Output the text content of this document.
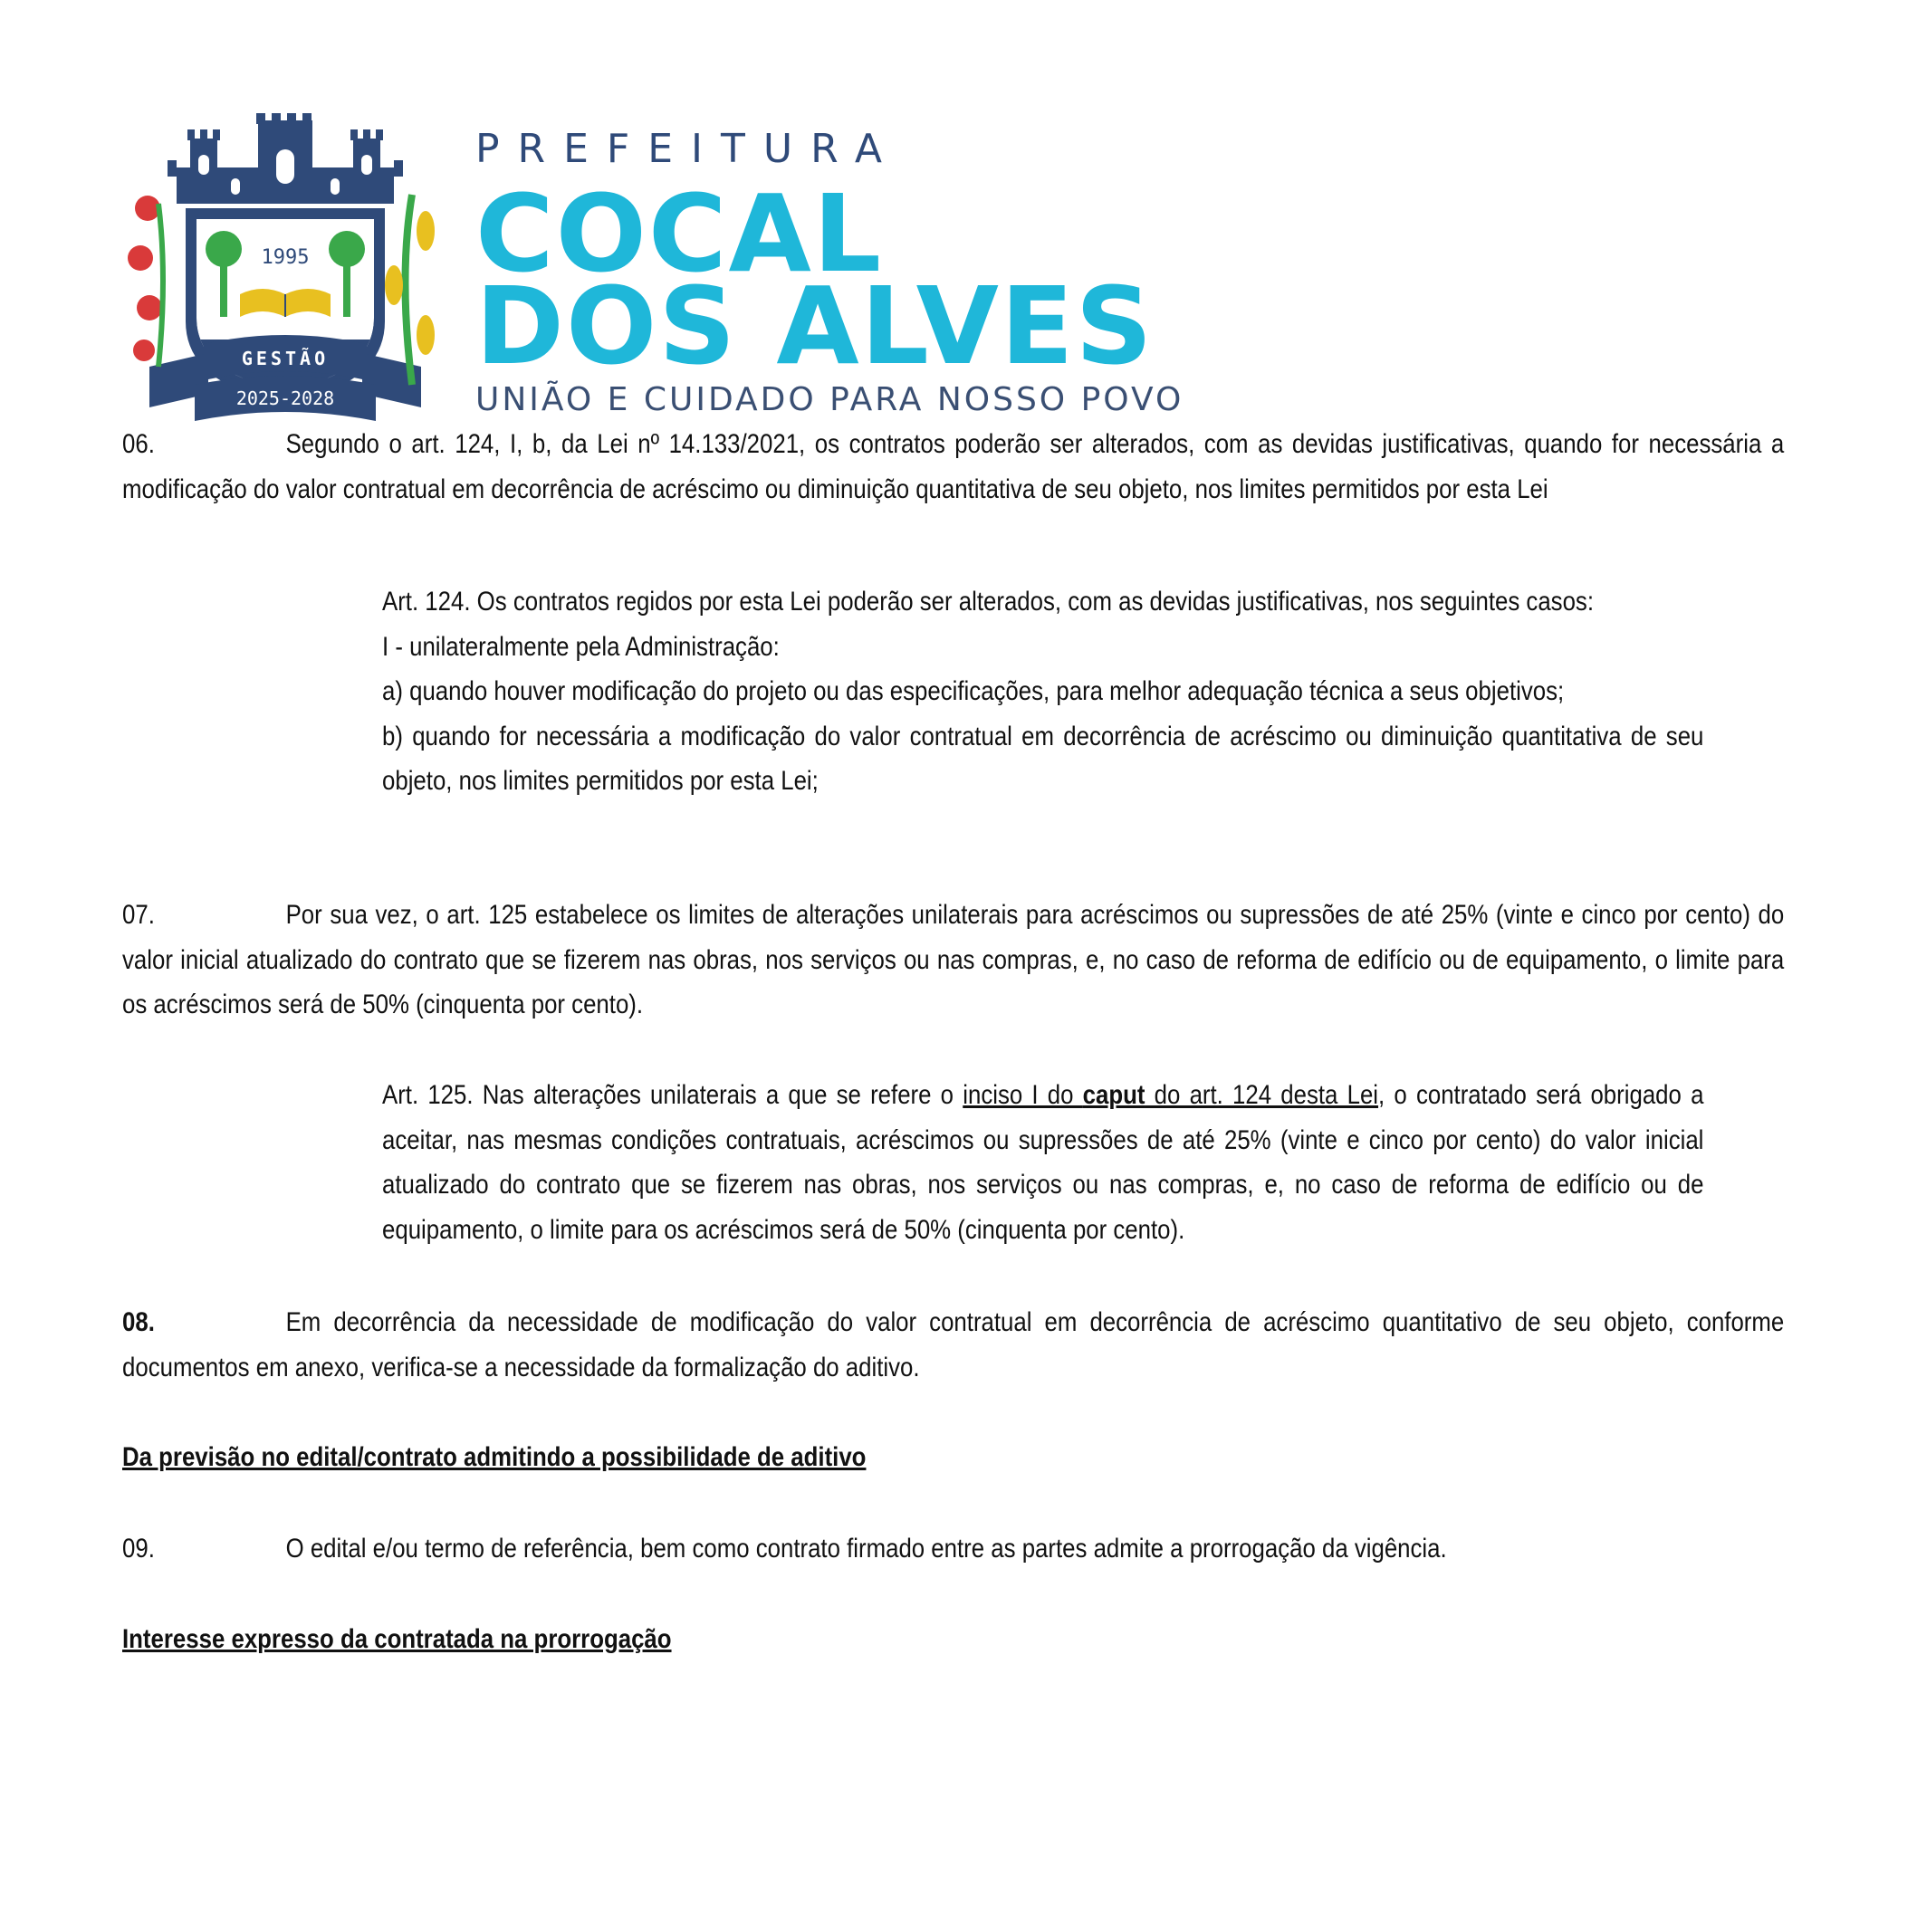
1995
GESTÃO
2025-2028
PREFEITURA
COCAL
DOS ALVES
UNIÃO E CUIDADO PARA NOSSO POVO
06.	Segundo o art. 124, I, b, da Lei nº 14.133/2021, os contratos poderão ser alterados, com as devidas justificativas, quando for necessária a modificação do valor contratual em decorrência de acréscimo ou diminuição quantitativa de seu objeto, nos limites permitidos por esta Lei
Art. 124. Os contratos regidos por esta Lei poderão ser alterados, com as devidas justificativas, nos seguintes casos:
I - unilateralmente pela Administração:
a) quando houver modificação do projeto ou das especificações, para melhor adequação técnica a seus objetivos;
b) quando for necessária a modificação do valor contratual em decorrência de acréscimo ou diminuição quantitativa de seu objeto, nos limites permitidos por esta Lei;
07.	Por sua vez, o art. 125 estabelece os limites de alterações unilaterais para acréscimos ou supressões de até 25% (vinte e cinco por cento) do valor inicial atualizado do contrato que se fizerem nas obras, nos serviços ou nas compras, e, no caso de reforma de edifício ou de equipamento, o limite para os acréscimos será de 50% (cinquenta por cento).
Art. 125. Nas alterações unilaterais a que se refere o inciso I do caput do art. 124 desta Lei, o contratado será obrigado a aceitar, nas mesmas condições contratuais, acréscimos ou supressões de até 25% (vinte e cinco por cento) do valor inicial atualizado do contrato que se fizerem nas obras, nos serviços ou nas compras, e, no caso de reforma de edifício ou de equipamento, o limite para os acréscimos será de 50% (cinquenta por cento).
08.	Em decorrência da necessidade de modificação do valor contratual em decorrência de acréscimo quantitativo de seu objeto, conforme documentos em anexo, verifica-se a necessidade da formalização do aditivo.
Da previsão no edital/contrato admitindo a possibilidade de aditivo
09.	O edital e/ou termo de referência, bem como contrato firmado entre as partes admite a prorrogação da vigência.
Interesse expresso da contratada na prorrogação
